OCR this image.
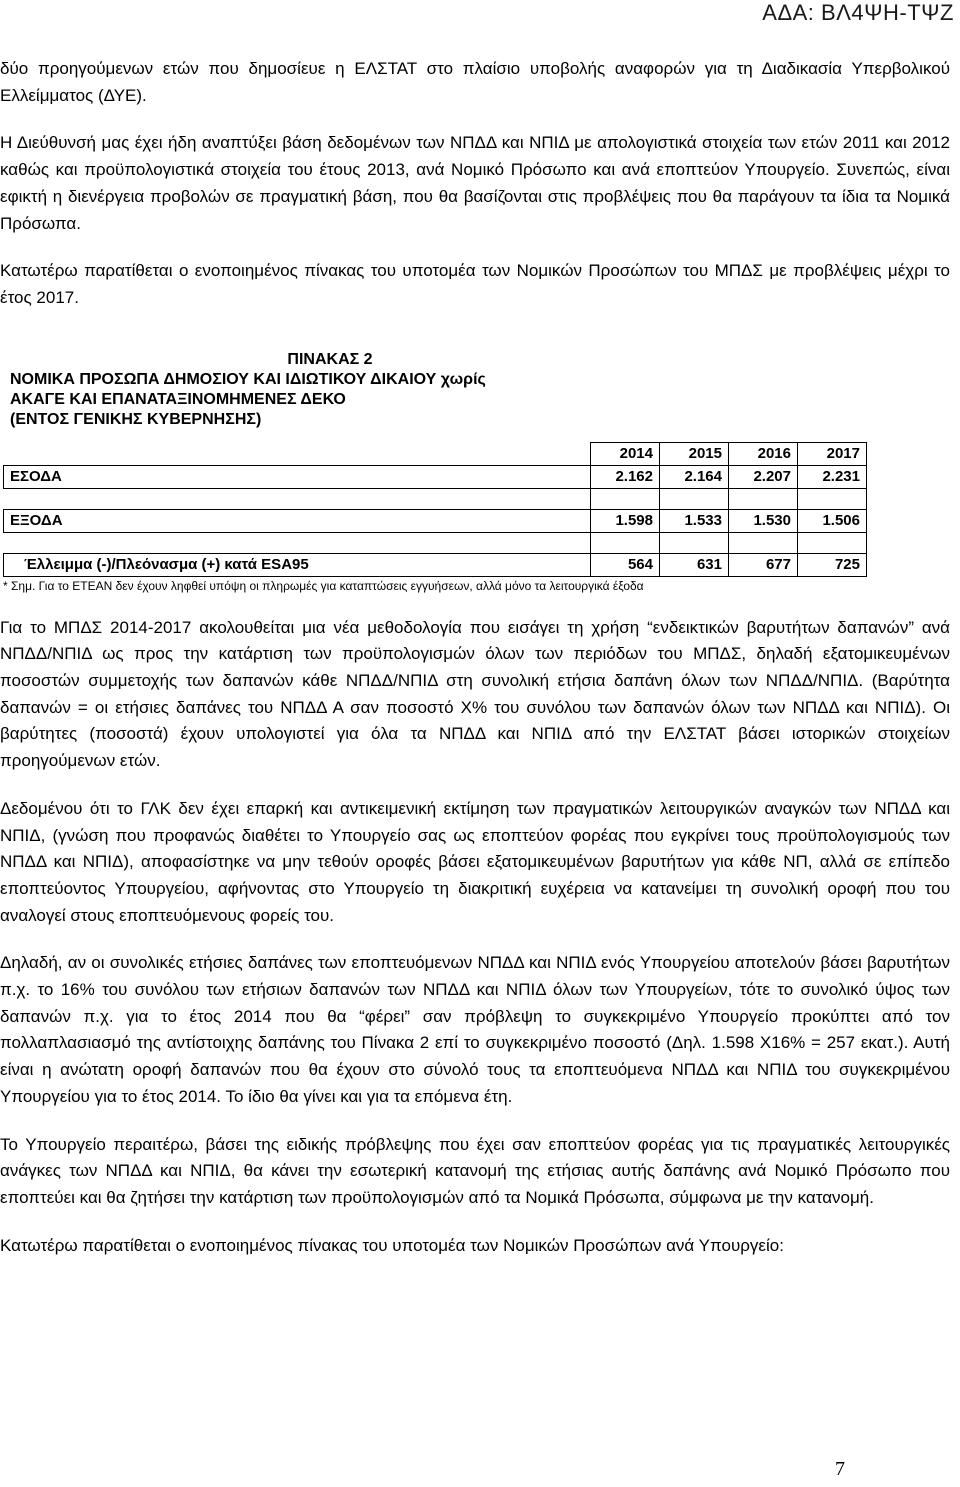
ΑΔΑ: ΒΛ4ΨΗ-ΤΨΖ

δύο προηγούμενων ετών που δημοσίευε η ΕΛΣΤΑΤ στο πλαίσιο υποβολής αναφορών για τη Διαδικασία Υπερβολικού Ελλείμματος (ΔΥΕ).

Η Διεύθυνσή μας έχει ήδη αναπτύξει βάση δεδομένων των ΝΠΔΔ και ΝΠΙΔ με απολογιστικά στοιχεία των ετών 2011 και 2012 καθώς και προϋπολογιστικά στοιχεία του έτους 2013, ανά Νομικό Πρόσωπο και ανά εποπτεύον Υπουργείο. Συνεπώς, είναι εφικτή η διενέργεια προβολών σε πραγματική βάση, που θα βασίζονται στις προβλέψεις που θα παράγουν τα ίδια τα Νομικά Πρόσωπα.

Κατωτέρω παρατίθεται ο ενοποιημένος πίνακας του υποτομέα των Νομικών Προσώπων του ΜΠΔΣ με προβλέψεις μέχρι το έτος 2017.

ΠΙΝΑΚΑΣ 2
ΝΟΜΙΚΑ ΠΡΟΣΩΠΑ ΔΗΜΟΣΙΟΥ ΚΑΙ ΙΔΙΩΤΙΚΟΥ ΔΙΚΑΙΟΥ χωρίς
ΑΚΑΓΕ ΚΑΙ ΕΠΑΝΑΤΑΞΙΝΟΜΗΜΕΝΕΣ ΔΕΚΟ
(ΕΝΤΟΣ ΓΕΝΙΚΗΣ ΚΥΒΕΡΝΗΣΗΣ)
	2014	2015	2016	2017
ΕΣΟΔΑ	2.162	2.164	2.207	2.231

ΕΞΟΔΑ	1.598	1.533	1.530	1.506

Έλλειμμα (-)/Πλεόνασμα (+) κατά ESA95	564	631	677	725
* Σημ. Για το ΕΤΕΑΝ δεν έχουν ληφθεί υπόψη οι πληρωμές για καταπτώσεις εγγυήσεων, αλλά μόνο τα λειτουργικά έξοδα

Για το ΜΠΔΣ 2014-2017 ακολουθείται μια νέα μεθοδολογία που εισάγει τη χρήση “ενδεικτικών βαρυτήτων δαπανών” ανά ΝΠΔΔ/ΝΠΙΔ ως προς την κατάρτιση των προϋπολογισμών όλων των περιόδων του ΜΠΔΣ, δηλαδή εξατομικευμένων ποσοστών συμμετοχής των δαπανών κάθε ΝΠΔΔ/ΝΠΙΔ στη συνολική ετήσια δαπάνη όλων των ΝΠΔΔ/ΝΠΙΔ. (Βαρύτητα δαπανών = οι ετήσιες δαπάνες του ΝΠΔΔ Α σαν ποσοστό Χ% του συνόλου των δαπανών όλων των ΝΠΔΔ και ΝΠΙΔ). Οι βαρύτητες (ποσοστά) έχουν υπολογιστεί για όλα τα ΝΠΔΔ και ΝΠΙΔ από την ΕΛΣΤΑΤ βάσει ιστορικών στοιχείων προηγούμενων ετών.

Δεδομένου ότι το ΓΛΚ δεν έχει επαρκή και αντικειμενική εκτίμηση των πραγματικών λειτουργικών αναγκών των ΝΠΔΔ και ΝΠΙΔ, (γνώση που προφανώς διαθέτει το Υπουργείο σας ως εποπτεύον φορέας που εγκρίνει τους προϋπολογισμούς των ΝΠΔΔ και ΝΠΙΔ), αποφασίστηκε να μην τεθούν οροφές βάσει εξατομικευμένων βαρυτήτων για κάθε ΝΠ, αλλά σε επίπεδο εποπτεύοντος Υπουργείου, αφήνοντας στο Υπουργείο τη διακριτική ευχέρεια να κατανείμει τη συνολική οροφή που του αναλογεί στους εποπτευόμενους φορείς του.

Δηλαδή, αν οι συνολικές ετήσιες δαπάνες των εποπτευόμενων ΝΠΔΔ και ΝΠΙΔ ενός Υπουργείου αποτελούν βάσει βαρυτήτων π.χ. το 16% του συνόλου των ετήσιων δαπανών των ΝΠΔΔ και ΝΠΙΔ όλων των Υπουργείων, τότε το συνολικό ύψος των δαπανών π.χ. για το έτος 2014 που θα “φέρει” σαν πρόβλεψη το συγκεκριμένο Υπουργείο προκύπτει από τον πολλαπλασιασμό της αντίστοιχης δαπάνης του Πίνακα 2 επί το συγκεκριμένο ποσοστό (Δηλ. 1.598 Χ16% = 257 εκατ.). Αυτή είναι η ανώτατη οροφή δαπανών που θα έχουν στο σύνολό τους τα εποπτευόμενα ΝΠΔΔ και ΝΠΙΔ του συγκεκριμένου Υπουργείου για το έτος 2014. Το ίδιο θα γίνει και για τα επόμενα έτη.

Το Υπουργείο περαιτέρω, βάσει της ειδικής πρόβλεψης που έχει σαν εποπτεύον φορέας για τις πραγματικές λειτουργικές ανάγκες των ΝΠΔΔ και ΝΠΙΔ, θα κάνει την εσωτερική κατανομή της ετήσιας αυτής δαπάνης ανά Νομικό Πρόσωπο που εποπτεύει και θα ζητήσει την κατάρτιση των προϋπολογισμών από τα Νομικά Πρόσωπα, σύμφωνα με την κατανομή.

Κατωτέρω παρατίθεται ο ενοποιημένος πίνακας του υποτομέα των Νομικών Προσώπων ανά Υπουργείο:

7
